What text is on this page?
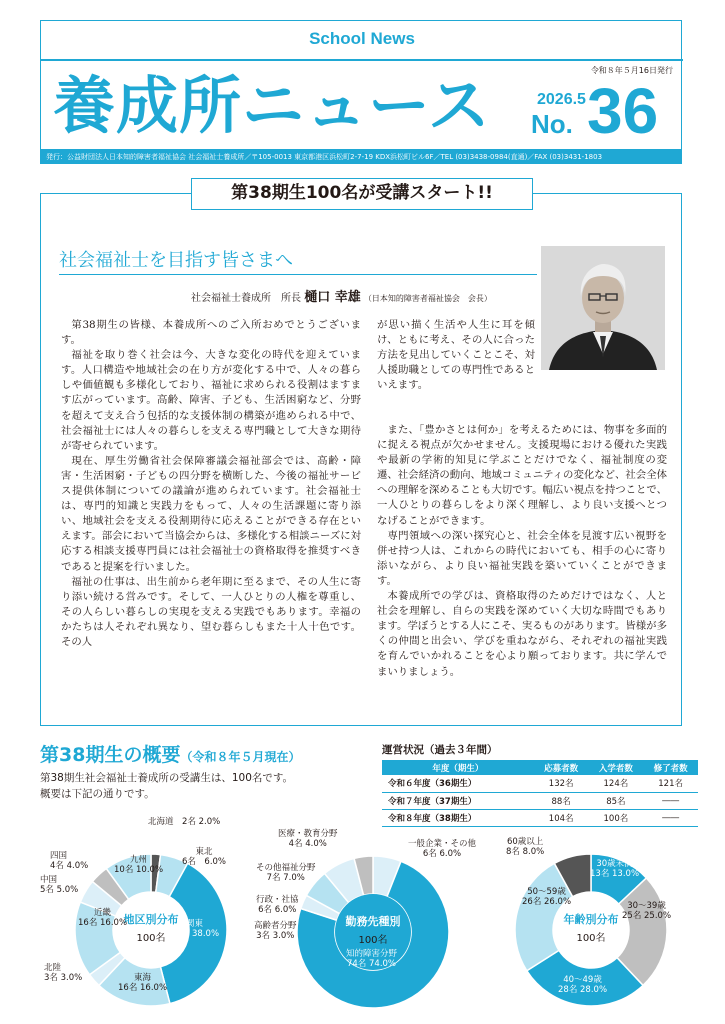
School News
令和８年５月16日発行
養成所ニュース	2026.5
No. 36
発行：公益財団法人日本知的障害者福祉協会 社会福祉士養成所／〒105-0013 東京都港区浜松町2-7-19 KDX浜松町ビル6F／TEL (03)3438-0984(直通)／FAX (03)3431-1803
第38期生100名が受講スタート!!
社会福祉士を目指す皆さまへ
社会福祉士養成所　所長 樋口 幸雄 （日本知的障害者福祉協会　会長）

第38期生の皆様、本養成所へのご入所おめでとうございます。

福祉を取り巻く社会は今、大きな変化の時代を迎えています。人口構造や地域社会の在り方が変化する中で、人々の暮らしや価値観も多様化しており、福祉に求められる役割はますます広がっています。高齢、障害、子ども、生活困窮など、分野を超えて支え合う包括的な支援体制の構築が進められる中で、社会福祉士には人々の暮らしを支える専門職として大きな期待が寄せられています。

現在、厚生労働省社会保障審議会福祉部会では、高齢・障害・生活困窮・子どもの四分野を横断した、今後の福祉サービス提供体制についての議論が進められています。社会福祉士は、専門的知識と実践力をもって、人々の生活課題に寄り添い、地域社会を支える役割期待に応えることができる存在といえます。部会において当協会からは、多様化する相談ニーズに対応する相談支援専門員には社会福祉士の資格取得を推奨すべきであると提案を行いました。

福祉の仕事は、出生前から老年期に至るまで、その人生に寄り添い続ける営みです。そして、一人ひとりの人権を尊重し、その人らしい暮らしの実現を支える実践でもあります。幸福のかたちは人それぞれ異なり、望む暮らしもまた十人十色です。その人

が思い描く生活や人生に耳を傾け、ともに考え、その人に合った方法を見出していくことこそ、対人援助職としての専門性であるといえます。

また、「豊かさとは何か」を考えるためには、物事を多面的に捉える視点が欠かせません。支援現場における優れた実践や最新の学術的知見に学ぶことだけでなく、福祉制度の変遷、社会経済の動向、地域コミュニティの変化など、社会全体への理解を深めることも大切です。幅広い視点を持つことで、一人ひとりの暮らしをより深く理解し、より良い支援へとつなげることができます。

専門領域への深い探究心と、社会全体を見渡す広い視野を併せ持つ人は、これからの時代においても、相手の心に寄り添いながら、より良い福祉実践を築いていくことができます。

本養成所での学びは、資格取得のためだけではなく、人と社会を理解し、自らの実践を深めていく大切な時間でもあります。学ぼうとする人にこそ、実るものがあります。皆様が多くの仲間と出会い、学びを重ねながら、それぞれの福祉実践を育んでいかれることを心より願っております。共に学んでまいりましょう。

第38期生の概要（令和８年５月現在）
第38期生社会福祉士養成所の受講生は、100名です。
概要は下記の通りです。
運営状況（過去３年間）
年度（期生）	応募者数	入学者数	修了者数
令和６年度（36期生）	132名	124名	121名
令和７年度（37期生）	88名	85名	――
令和８年度（38期生）	104名	100名	――
地区別分布
100名
北海道　 2名 2.0%
東北
6名　6.0%
関東
38名 38.0%
東海
16名 16.0%
北陸
3名 3.0%
近畿
16名 16.0%
中国
5名 5.0%
四国
4名 4.0%
九州
10名 10.0%
勤務先種別
100名
一般企業・その他
6名 6.0%
知的障害分野
74名 74.0%
高齢者分野
3名 3.0%
行政・社協
6名 6.0%
その他福祉分野
7名 7.0%
医療・教育分野
4名 4.0%
年齢別分布
100名
30歳未満
13名 13.0%
30～39歳
25名 25.0%
40～49歳
28名 28.0%
50～59歳
26名 26.0%
60歳以上
8名 8.0%
